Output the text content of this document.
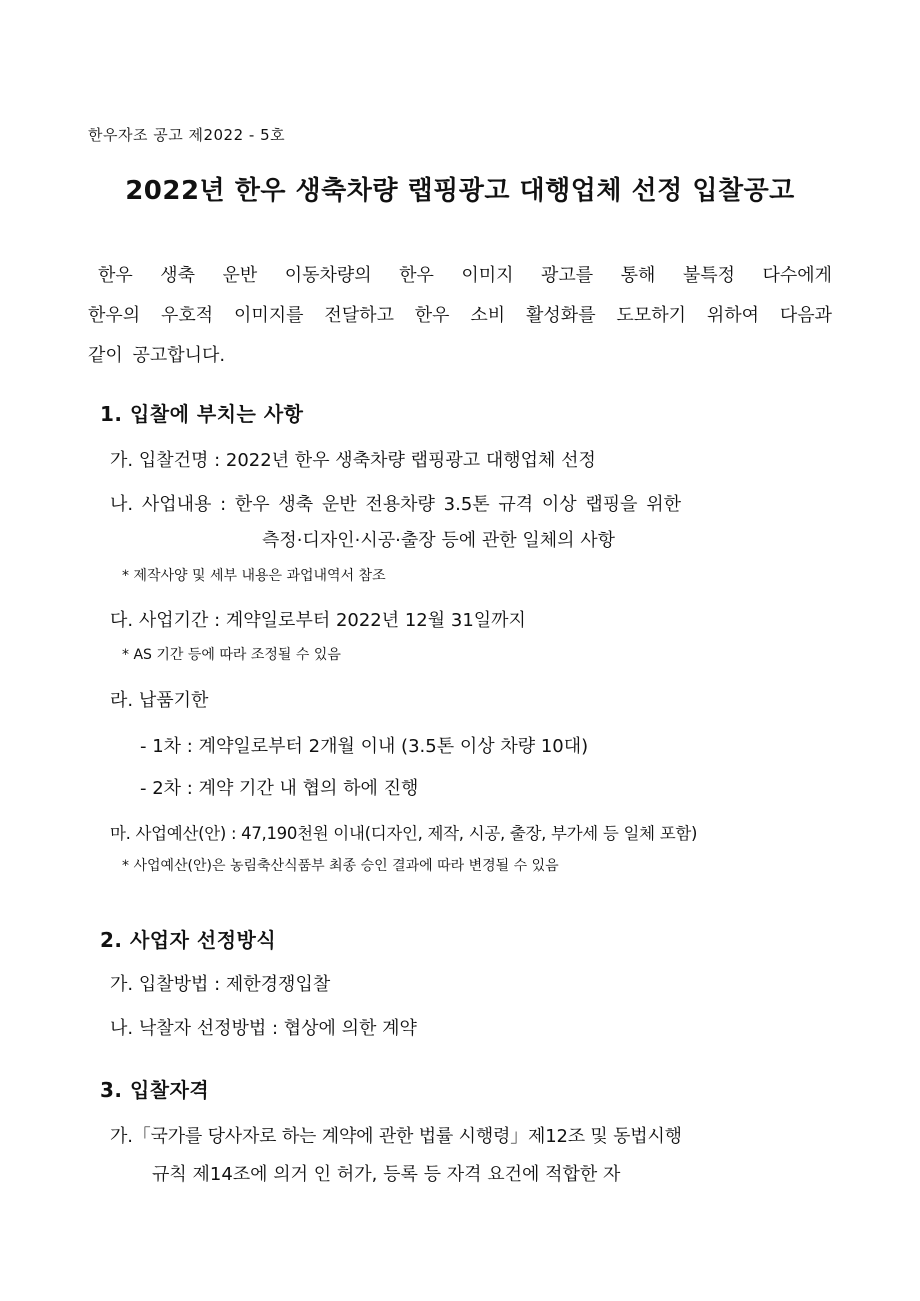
한우자조 공고 제2022 - 5호
2022년 한우 생축차량 랩핑광고 대행업체 선정 입찰공고

한우 생축 운반 이동차량의 한우 이미지 광고를 통해 불특정 다수에게

한우의 우호적 이미지를 전달하고 한우 소비 활성화를 도모하기 위하여 다음과

같이 공고합니다.

1. 입찰에 부치는 사항
가. 입찰건명 : 2022년 한우 생축차량 랩핑광고 대행업체 선정
나. 사업내용 : 한우 생축 운반 전용차량 3.5톤 규격 이상 랩핑을 위한
측정·디자인·시공·출장 등에 관한 일체의 사항
* 제작사양 및 세부 내용은 과업내역서 참조
다. 사업기간 : 계약일로부터 2022년 12월 31일까지
* AS 기간 등에 따라 조정될 수 있음
라. 납품기한
- 1차 : 계약일로부터 2개월 이내 (3.5톤 이상 차량 10대)
- 2차 : 계약 기간 내 협의 하에 진행
마. 사업예산(안) : 47,190천원 이내(디자인, 제작, 시공, 출장, 부가세 등 일체 포함)
* 사업예산(안)은 농림축산식품부 최종 승인 결과에 따라 변경될 수 있음
2. 사업자 선정방식
가. 입찰방법 : 제한경쟁입찰
나. 낙찰자 선정방법 : 협상에 의한 계약
3. 입찰자격
가.「국가를 당사자로 하는 계약에 관한 법률 시행령」제12조 및 동법시행
규칙 제14조에 의거 인 허가, 등록 등 자격 요건에 적합한 자
